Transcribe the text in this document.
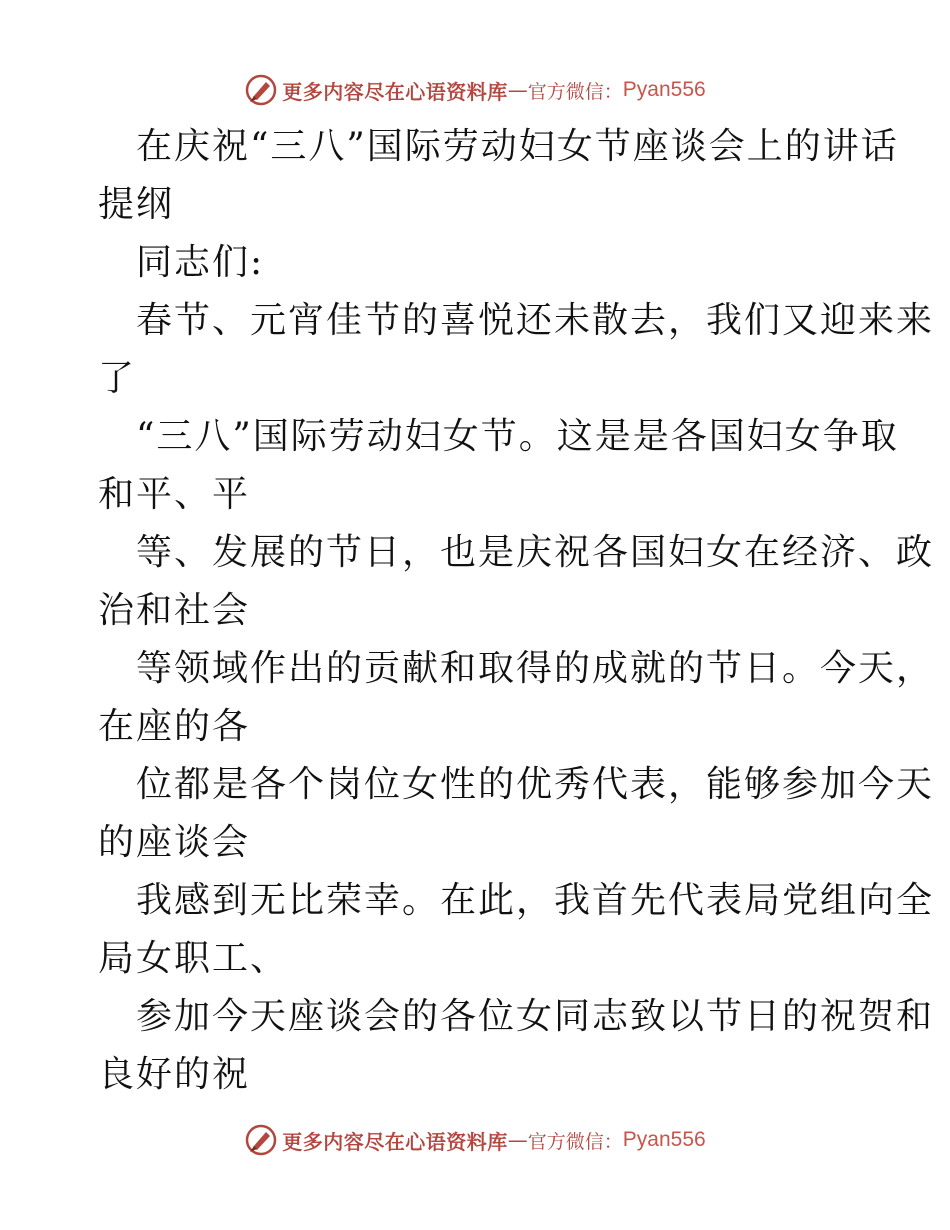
更多内容尽在心语资料库 — 官方微信： Pyan556
在庆祝“三八”国际劳动妇女节座谈会上的讲话
提纲
同志们:
春节、元宵佳节的喜悦还未散去，我们又迎来来
了
“三八”国际劳动妇女节。这是是各国妇女争取
和平、平
等、发展的节日，也是庆祝各国妇女在经济、政
治和社会
等领域作出的贡献和取得的成就的节日。今天，
在座的各
位都是各个岗位女性的优秀代表，能够参加今天
的座谈会
我感到无比荣幸。在此，我首先代表局党组向全
局女职工、
参加今天座谈会的各位女同志致以节日的祝贺和
良好的祝
更多内容尽在心语资料库 — 官方微信： Pyan556
